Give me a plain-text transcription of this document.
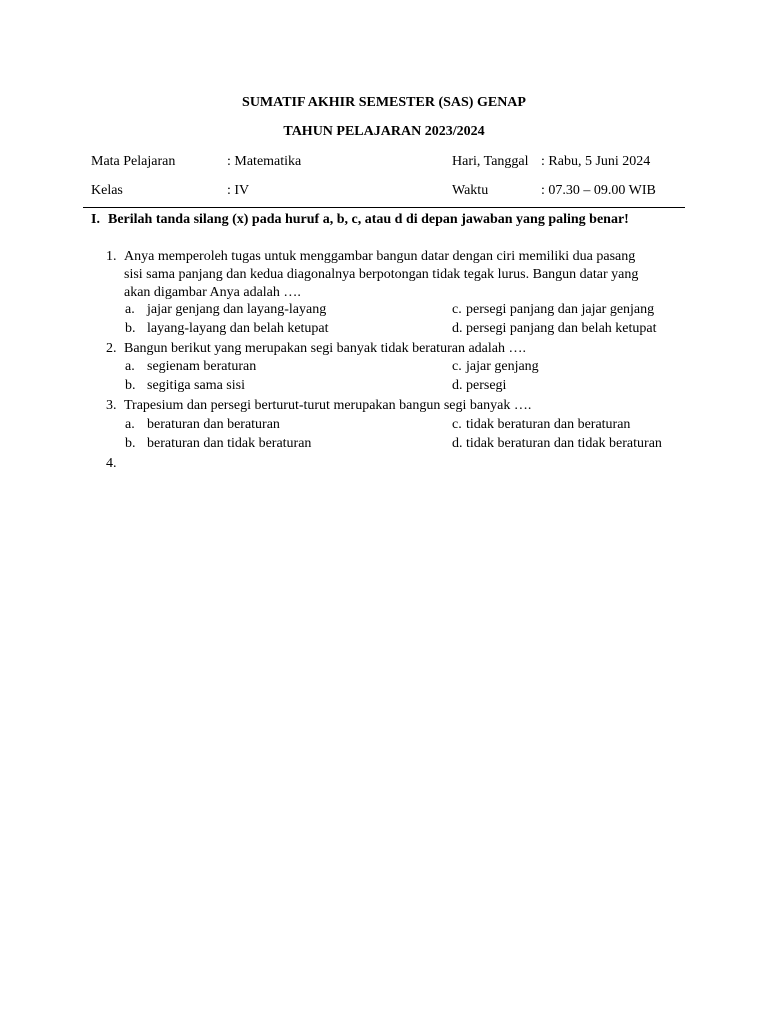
SUMATIF AKHIR SEMESTER (SAS) GENAP
TAHUN PELAJARAN 2023/2024
Mata Pelajaran	: Matematika	Hari, Tanggal : Rabu, 5 Juni 2024
Kelas	: IV	Waktu	: 07.30 – 09.00 WIB
I. Berilah tanda silang (x) pada huruf a, b, c, atau d di depan jawaban yang paling benar!
1. Anya memperoleh tugas untuk menggambar bangun datar dengan ciri memiliki dua pasang
sisi sama panjang dan kedua diagonalnya berpotongan tidak tegak lurus. Bangun datar yang
akan digambar Anya adalah ….
a. jajar genjang dan layang-layang	c. persegi panjang dan jajar genjang
b. layang-layang dan belah ketupat	d. persegi panjang dan belah ketupat
2. Bangun berikut yang merupakan segi banyak tidak beraturan adalah ….
a. segienam beraturan	c. jajar genjang
b. segitiga sama sisi	d. persegi
3. Trapesium dan persegi berturut-turut merupakan bangun segi banyak ….
a. beraturan dan beraturan	c. tidak beraturan dan beraturan
b. beraturan dan tidak beraturan	d. tidak beraturan dan tidak beraturan
4.
